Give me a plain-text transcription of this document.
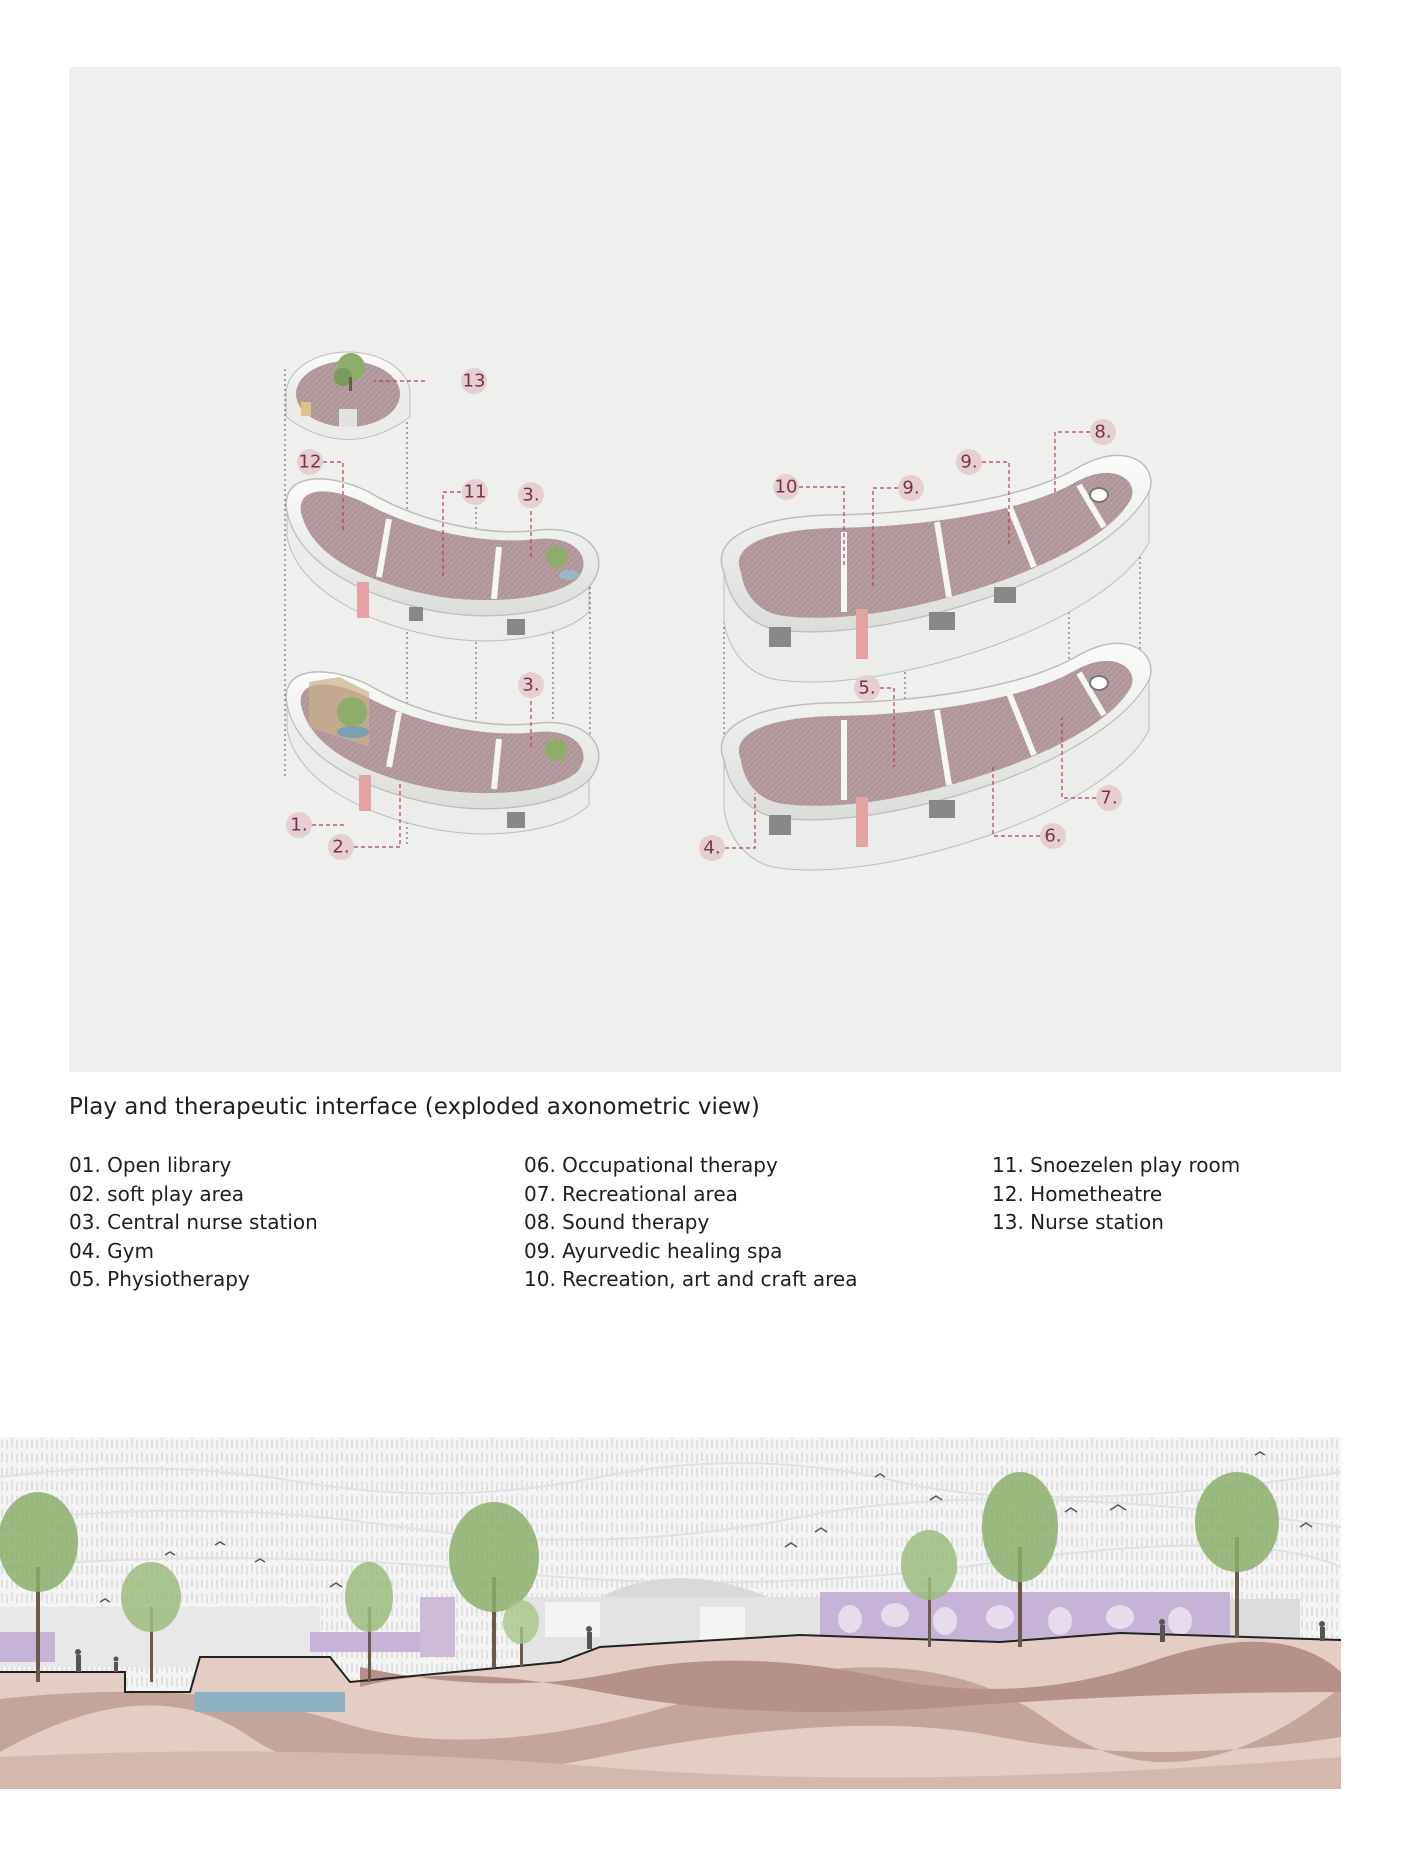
13
12
11 3.
3.
1.
2.
10	9.
9.
8.
5.
7.
6.
4.
Play and therapeutic interface (exploded axonometric view)
01. Open library
02. soft play area
03. Central nurse station
04. Gym
05. Physiotherapy
06. Occupational therapy
07. Recreational area
08. Sound therapy
09. Ayurvedic healing spa
10. Recreation, art and craft area
11. Snoezelen play room
12. Hometheatre
13. Nurse station
